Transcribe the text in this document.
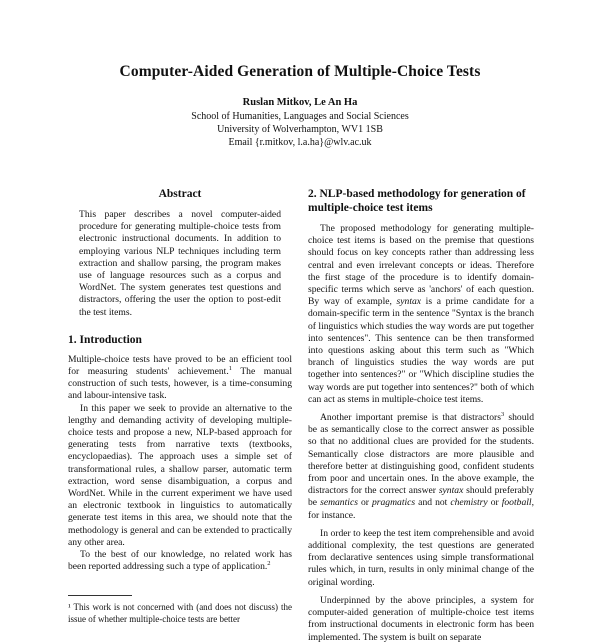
Computer-Aided Generation of Multiple-Choice Tests
Ruslan Mitkov, Le An Ha
School of Humanities, Languages and Social Sciences
University of Wolverhampton, WV1 1SB
Email {r.mitkov, l.a.ha}@wlv.ac.uk
Abstract

This paper describes a novel computer-aided procedure for generating multiple-choice tests from electronic instructional documents. In addition to employing various NLP techniques including term extraction and shallow parsing, the program makes use of language resources such as a corpus and WordNet. The system generates test questions and distractors, offering the user the option to post-edit the test items.

1. Introduction

Multiple-choice tests have proved to be an efficient tool for measuring students' achievement.$^1$ The manual construction of such tests, however, is a time-consuming and labour-intensive task.

In this paper we seek to provide an alternative to the lengthy and demanding activity of developing multiple-choice tests and propose a new, NLP-based approach for generating tests from narrative texts (textbooks, encyclopaedias). The approach uses a simple set of transformational rules, a shallow parser, automatic term extraction, word sense disambiguation, a corpus and WordNet. While in the current experiment we have used an electronic textbook in linguistics to automatically generate test items in this area, we should note that the methodology is general and can be extended to practically any other area.

To the best of our knowledge, no related work has been reported addressing such a type of application.$^2$

¹ This work is not concerned with (and does not discuss) the issue of whether multiple-choice tests are better

2. NLP-based methodology for generation of multiple-choice test items

The proposed methodology for generating multiple-choice test items is based on the premise that questions should focus on key concepts rather than addressing less central and even irrelevant concepts or ideas. Therefore the first stage of the procedure is to identify domain-specific terms which serve as 'anchors' of each question. By way of example, syntax is a prime candidate for a domain-specific term in the sentence "Syntax is the branch of linguistics which studies the way words are put together into sentences". This sentence can be then transformed into questions asking about this term such as "Which branch of linguistics studies the way words are put together into sentences?" or "Which discipline studies the way words are put together into sentences?" both of which can act as stems in multiple-choice test items.

Another important premise is that distractors$^3$ should be as semantically close to the correct answer as possible so that no additional clues are provided for the students. Semantically close distractors are more plausible and therefore better at distinguishing good, confident students from poor and uncertain ones. In the above example, the distractors for the correct answer syntax should preferably be semantics or pragmatics and not chemistry or football, for instance.

In order to keep the test item comprehensible and avoid additional complexity, the test questions are generated from declarative sentences using simple transformational rules which, in turn, results in only minimal change of the original wording.

Underpinned by the above principles, a system for computer-aided generation of multiple-choice test items from instructional documents in electronic form has been implemented. The system is built on separate
